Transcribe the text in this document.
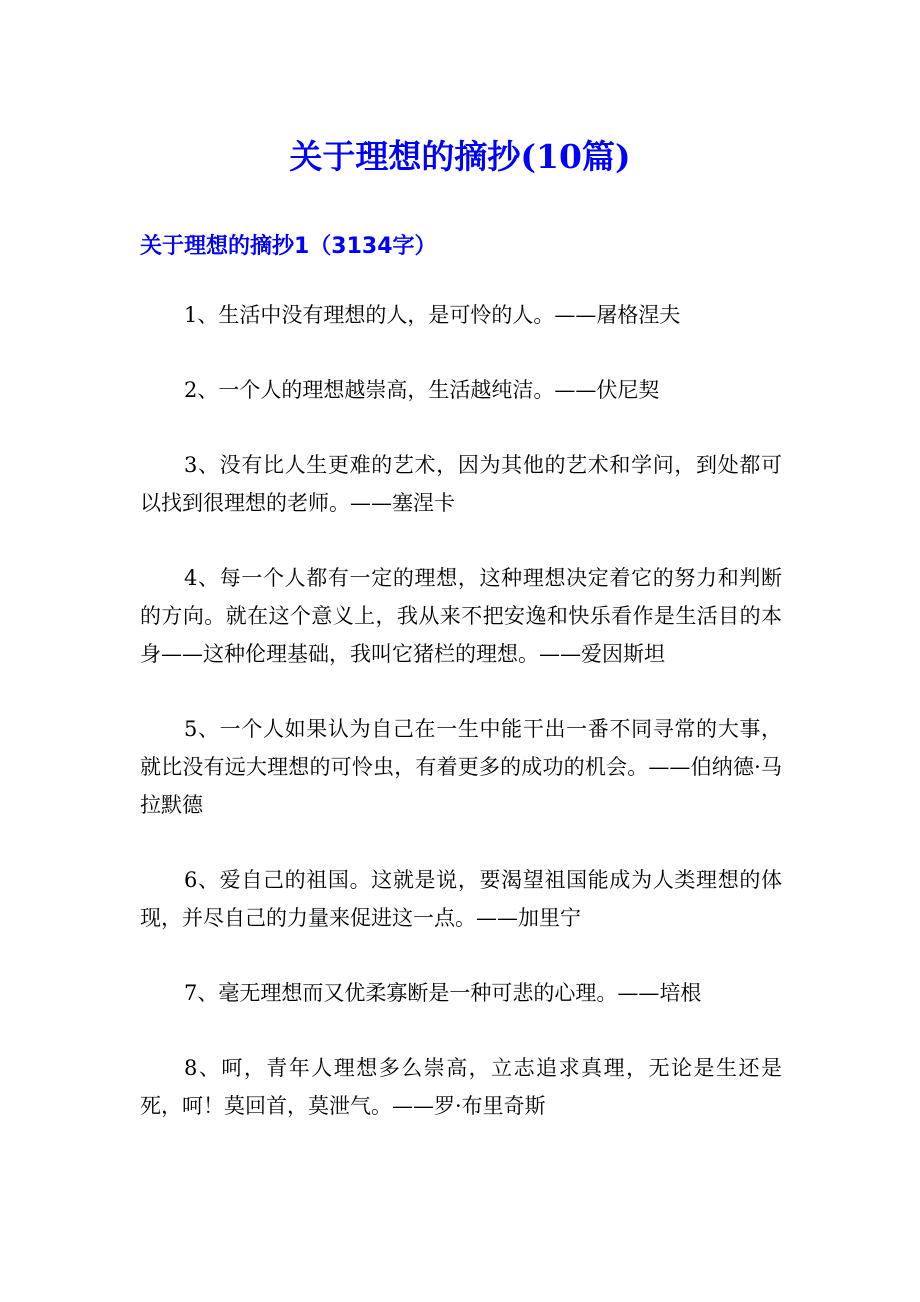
关于理想的摘抄(10篇)
关于理想的摘抄1（3134字）

1、生活中没有理想的人，是可怜的人。——屠格涅夫

2、一个人的理想越崇高，生活越纯洁。——伏尼契

3、没有比人生更难的艺术，因为其他的艺术和学问，到处都可以找到很理想的老师。——塞涅卡

4、每一个人都有一定的理想，这种理想决定着它的努力和判断的方向。就在这个意义上，我从来不把安逸和快乐看作是生活目的本身——这种伦理基础，我叫它猪栏的理想。——爱因斯坦

5、一个人如果认为自己在一生中能干出一番不同寻常的大事，就比没有远大理想的可怜虫，有着更多的成功的机会。——伯纳德·马拉默德

6、爱自己的祖国。这就是说，要渴望祖国能成为人类理想的体现，并尽自己的力量来促进这一点。——加里宁

7、毫无理想而又优柔寡断是一种可悲的心理。——培根

8、呵，青年人理想多么崇高，立志追求真理，无论是生还是死，呵！莫回首，莫泄气。——罗·布里奇斯
